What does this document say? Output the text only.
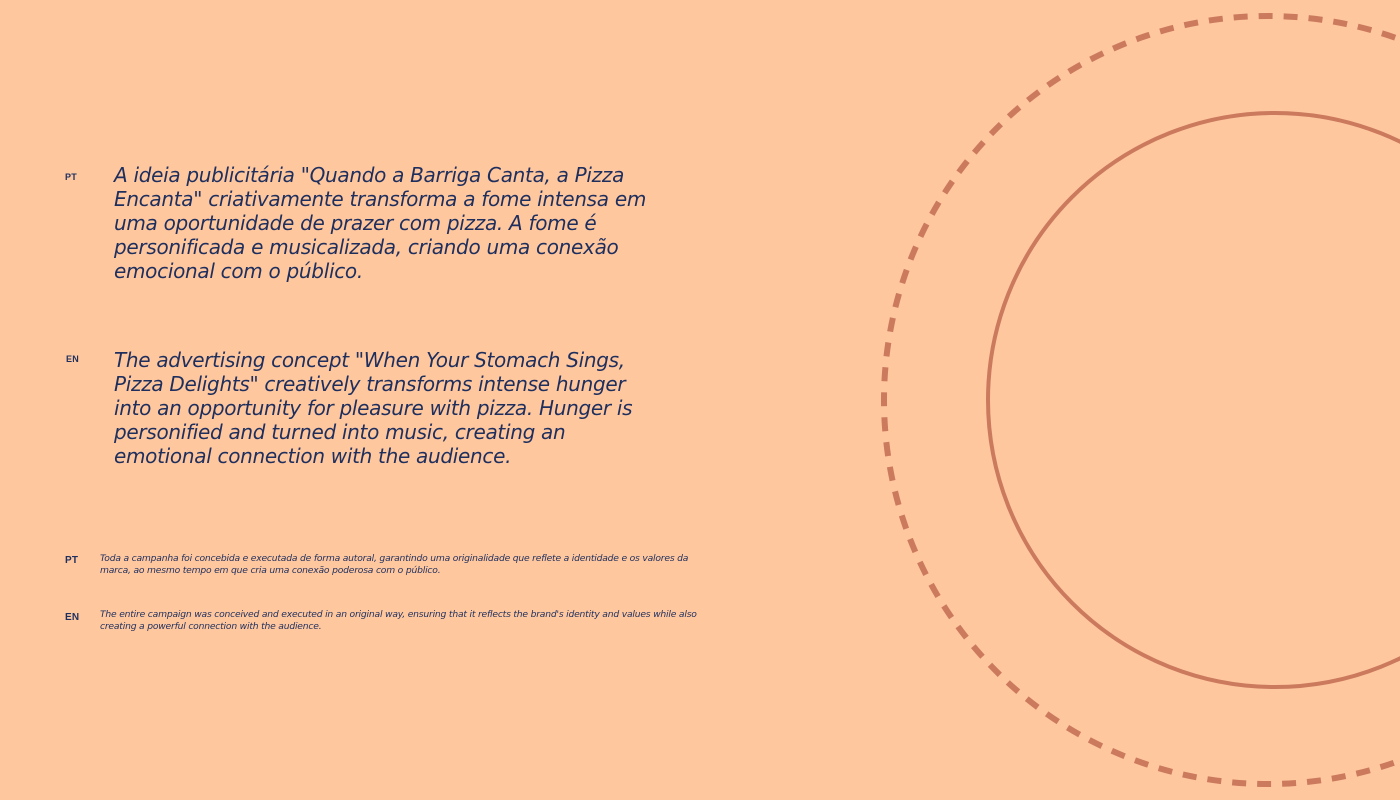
PT A ideia publicitária "Quando a Barriga Canta, a Pizza Encanta" criativamente transforma a fome intensa em uma oportunidade de prazer com pizza. A fome é personificada e musicalizada, criando uma conexão emocional com o público.

EN The advertising concept "When Your Stomach Sings, Pizza Delights" creatively transforms intense hunger into an opportunity for pleasure with pizza. Hunger is personified and turned into music, creating an emotional connection with the audience.

PT Toda a campanha foi concebida e executada de forma autoral, garantindo uma originalidade que reflete a identidade e os valores da marca, ao mesmo tempo em que cria uma conexão poderosa com o público.

EN The entire campaign was conceived and executed in an original way, ensuring that it reflects the brand's identity and values while also creating a powerful connection with the audience.
